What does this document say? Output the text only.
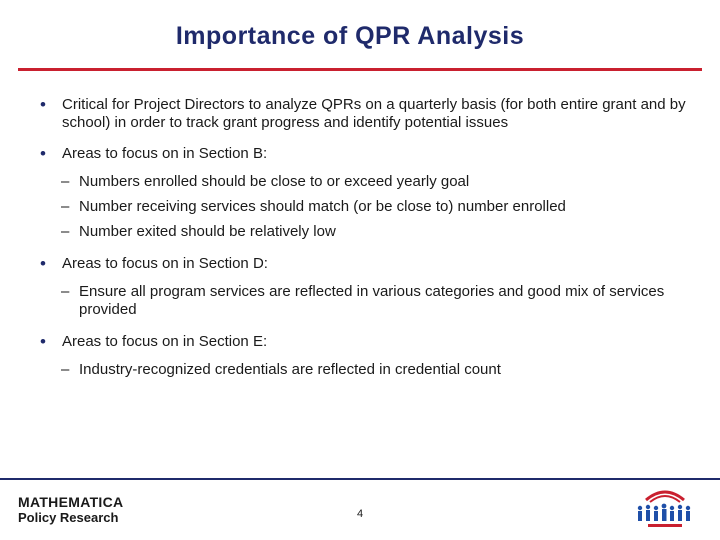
Importance of QPR Analysis
• Critical for Project Directors to analyze QPRs on a quarterly basis (for both entire grant and by school) in order to track grant progress and identify potential issues
• Areas to focus on in Section B:
– Numbers enrolled should be close to or exceed yearly goal
– Number receiving services should match (or be close to) number enrolled
– Number exited should be relatively low
• Areas to focus on in Section D:
– Ensure all program services are reflected in various categories and good mix of services provided
• Areas to focus on in Section E:
– Industry-recognized credentials are reflected in credential count
MATHEMATICA
Policy Research	4
